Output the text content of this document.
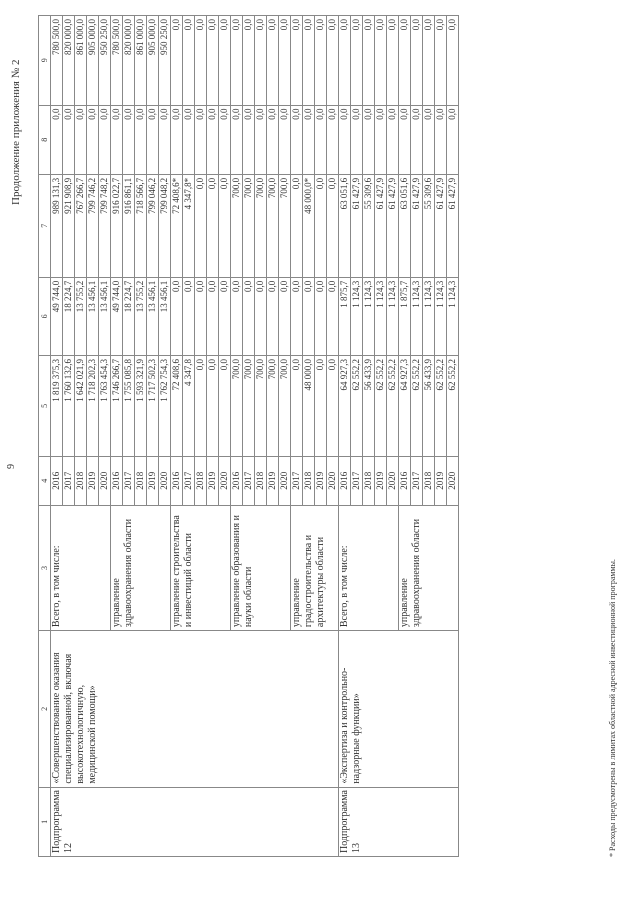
9
Продолжение приложения № 2
1	2	3	4	5	6	7	8	9
Подпрограмма 12	«Совершенствование оказания специализированной, включая высокотехнологичную, медицинской помощи»	Всего, в том числе:	2016	1 819 375,3	49 744,0	989 131,3	0,0	780 500,0
			2017	1 760 132,6	18 224,7	921 908,9	0,0	820 000,0
			2018	1 642 021,9	13 755,2	767 266,7	0,0	861 000,0
			2019	1 718 202,3	13 456,1	799 746,2	0,0	905 000,0
			2020	1 763 454,3	13 456,1	799 748,2	0,0	950 250,0
		управление здравоохранения области	2016	1 746 266,7	49 744,0	916 022,7	0,0	780 500,0
			2017	1 755 085,8	18 224,7	916 861,1	0,0	820 000,0
			2018	1 593 321,9	13 755,2	718 566,7	0,0	861 000,0
			2019	1 717 502,3	13 456,1	799 046,2	0,0	905 000,0
			2020	1 762 754,3	13 456,1	799 048,2	0,0	950 250,0
		управление строительства и инвестиций области	2016	72 408,6	0,0	72 408,6*	0,0	0,0
			2017	4 347,8	0,0	4 347,8*	0,0	0,0
			2018	0,0	0,0	0,0	0,0	0,0
			2019	0,0	0,0	0,0	0,0	0,0
			2020	0,0	0,0	0,0	0,0	0,0
		управление образования и науки области	2016	700,0	0,0	700,0	0,0	0,0
			2017	700,0	0,0	700,0	0,0	0,0
			2018	700,0	0,0	700,0	0,0	0,0
			2019	700,0	0,0	700,0	0,0	0,0
			2020	700,0	0,0	700,0	0,0	0,0
		управление градостроительства и архитектуры области	2017	0,0	0,0	0,0	0,0	0,0
			2018	48 000,0	0,0	48 000,0*	0,0	0,0
			2019	0,0	0,0	0,0	0,0	0,0
			2020	0,0	0,0	0,0	0,0	0,0
Подпрограмма 13	«Экспертиза и контрольно-надзорные функции»	Всего, в том числе:	2016	64 927,3	1 875,7	63 051,6	0,0	0,0
			2017	62 552,2	1 124,3	61 427,9	0,0	0,0
			2018	56 433,9	1 124,3	55 309,6	0,0	0,0
			2019	62 552,2	1 124,3	61 427,9	0,0	0,0
			2020	62 552,2	1 124,3	61 427,9	0,0	0,0
		управление здравоохранения области	2016	64 927,3	1 875,7	63 051,6	0,0	0,0
			2017	62 552,2	1 124,3	61 427,9	0,0	0,0
			2018	56 433,9	1 124,3	55 309,6	0,0	0,0
			2019	62 552,2	1 124,3	61 427,9	0,0	0,0
			2020	62 552,2	1 124,3	61 427,9	0,0	0,0
* Расходы предусмотрены в лимитах областной адресной инвестиционной программы.
